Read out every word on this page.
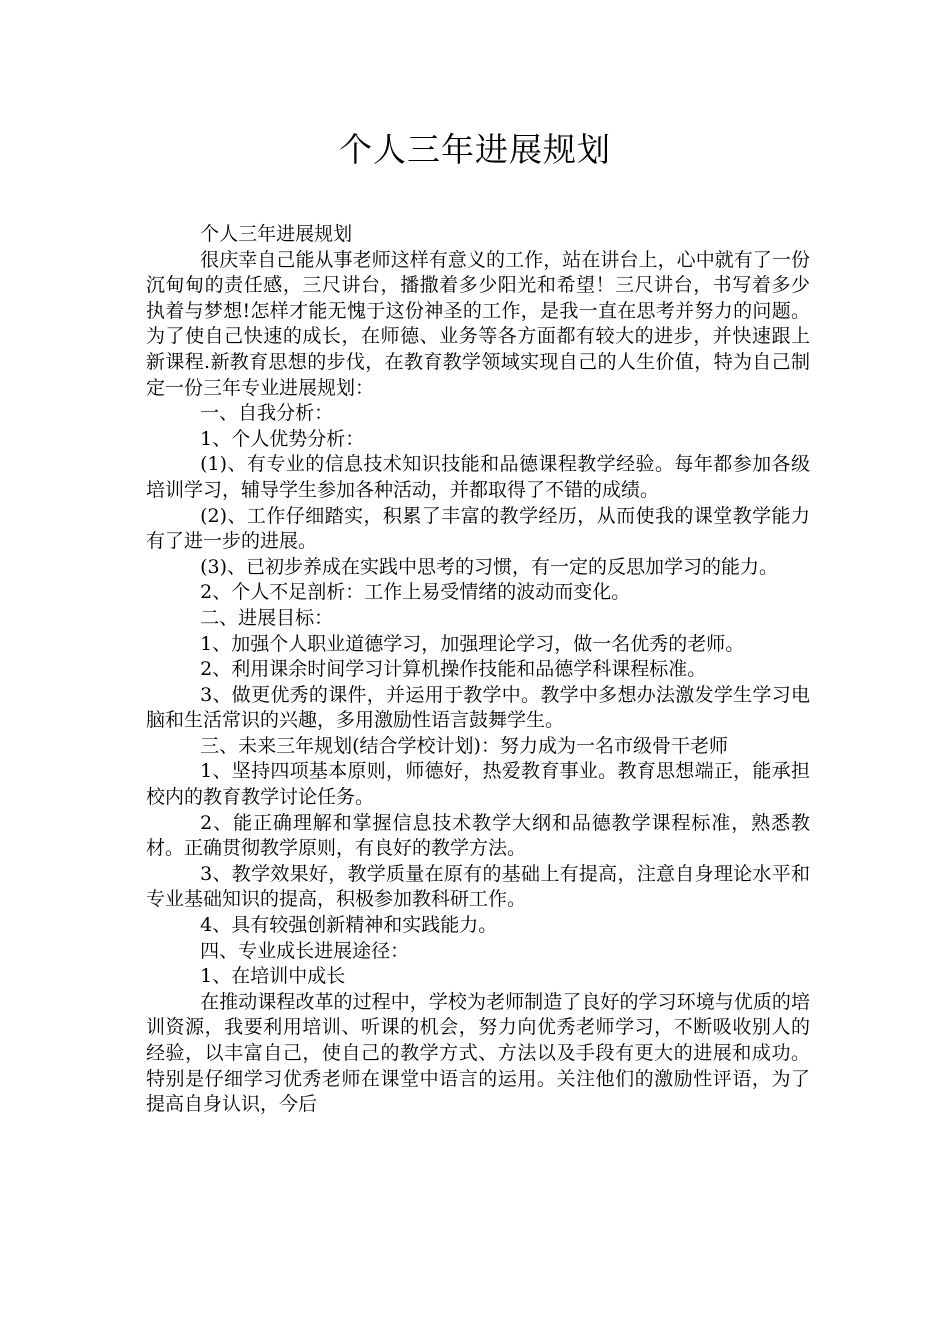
个人三年进展规划

个人三年进展规划

很庆幸自己能从事老师这样有意义的工作，站在讲台上，心中就有了一份沉甸甸的责任感，三尺讲台，播撒着多少阳光和希望！三尺讲台，书写着多少执着与梦想!怎样才能无愧于这份神圣的工作，是我一直在思考并努力的问题。为了使自己快速的成长，在师德、业务等各方面都有较大的进步，并快速跟上新课程.新教育思想的步伐，在教育教学领域实现自己的人生价值，特为自己制定一份三年专业进展规划：

一、自我分析：

1、个人优势分析：

(1)、有专业的信息技术知识技能和品德课程教学经验。每年都参加各级培训学习，辅导学生参加各种活动，并都取得了不错的成绩。

(2)、工作仔细踏实，积累了丰富的教学经历，从而使我的课堂教学能力有了进一步的进展。

(3)、已初步养成在实践中思考的习惯，有一定的反思加学习的能力。

2、个人不足剖析：工作上易受情绪的波动而变化。

二、进展目标：

1、加强个人职业道德学习，加强理论学习，做一名优秀的老师。

2、利用课余时间学习计算机操作技能和品德学科课程标准。

3、做更优秀的课件，并运用于教学中。教学中多想办法激发学生学习电脑和生活常识的兴趣，多用激励性语言鼓舞学生。

三、未来三年规划(结合学校计划)：努力成为一名市级骨干老师

1、坚持四项基本原则，师德好，热爱教育事业。教育思想端正，能承担校内的教育教学讨论任务。

2、能正确理解和掌握信息技术教学大纲和品德教学课程标准，熟悉教材。正确贯彻教学原则，有良好的教学方法。

3、教学效果好，教学质量在原有的基础上有提高，注意自身理论水平和专业基础知识的提高，积极参加教科研工作。

4、具有较强创新精神和实践能力。

四、专业成长进展途径：

1、在培训中成长

在推动课程改革的过程中，学校为老师制造了良好的学习环境与优质的培训资源，我要利用培训、听课的机会，努力向优秀老师学习，不断吸收别人的经验，以丰富自己，使自己的教学方式、方法以及手段有更大的进展和成功。特别是仔细学习优秀老师在课堂中语言的运用。关注他们的激励性评语，为了提高自身认识，今后
